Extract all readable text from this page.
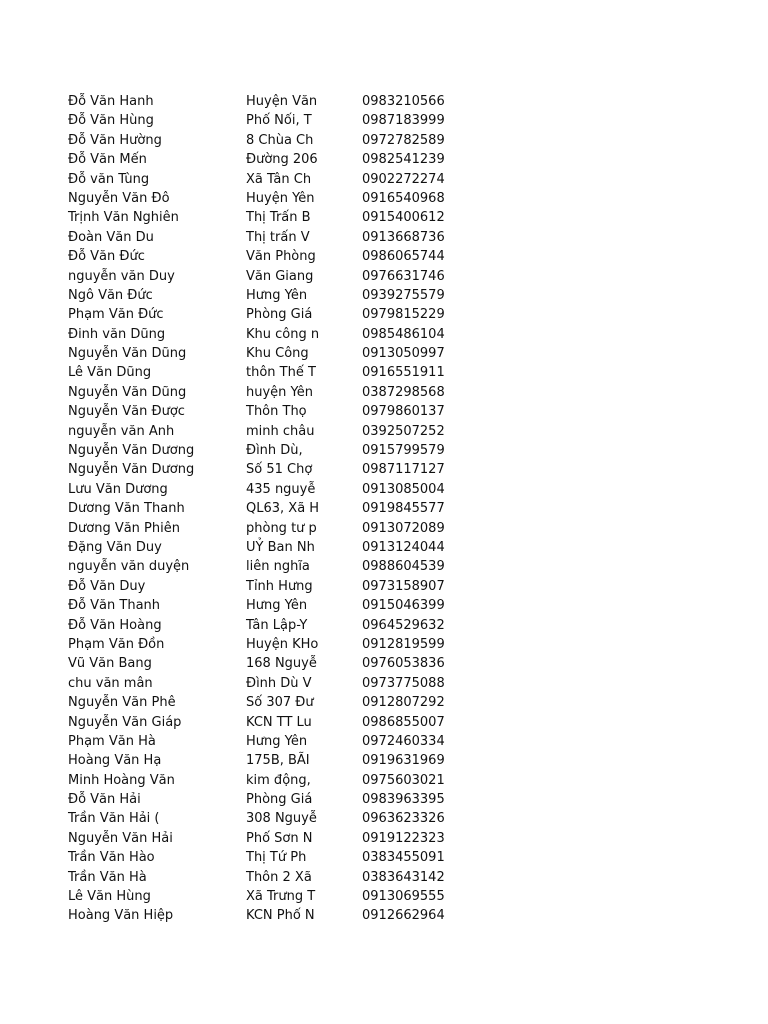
Đỗ Văn Hanh	Huyện Văn	0983210566
Đỗ Văn Hùng	Phố Nối, T	0987183999
Đỗ Văn Hường	8 Chùa Ch	0972782589
Đỗ Văn Mến	Đường 206	0982541239
Đỗ văn Tùng	Xã Tân Ch	0902272274
Nguyễn Văn Đô	Huyện Yên	0916540968
Trịnh Văn Nghiên	Thị Trấn B	0915400612
Đoàn Văn Du	Thị trấn V	0913668736
Đỗ Văn Đức	Văn Phòng	0986065744
nguyễn văn Duy	Văn Giang	0976631746
Ngô Văn Đức	Hưng Yên	0939275579
Phạm Văn Đức	Phòng Giá	0979815229
Đinh văn Dũng	Khu công n	0985486104
Nguyễn Văn Dũng	Khu Công	0913050997
Lê Văn Dũng	thôn Thế T	0916551911
Nguyễn Văn Dũng	huyện Yên	0387298568
Nguyễn Văn Được	Thôn Thọ	0979860137
nguyễn văn Anh	minh châu	0392507252
Nguyễn Văn Dương	Đình Dù,	0915799579
Nguyễn Văn Dương	Số 51 Chợ	0987117127
Lưu Văn Dương	435 nguyễ	0913085004
Dương Văn Thanh	QL63, Xã H	0919845577
Dương Văn Phiên	phòng tư p	0913072089
Đặng Văn Duy	UỶ Ban Nh	0913124044
nguyễn văn duyện	liên nghĩa	0988604539
Đỗ Văn Duy	Tỉnh Hưng	0973158907
Đỗ Văn Thanh	Hưng Yên	0915046399
Đỗ Văn Hoàng	Tân Lập-Y	0964529632
Phạm Văn Đồn	Huyện KHo	0912819599
Vũ Văn Bang	168 Nguyễ	0976053836
chu văn mân	Đình Dù V	0973775088
Nguyễn Văn Phê	Số 307 Đư	0912807292
Nguyễn Văn Giáp	KCN TT Lu	0986855007
Phạm Văn Hà	Hưng Yên	0972460334
Hoàng Văn Hạ	175B, BÃI	0919631969
Minh Hoàng Văn	kim động,	0975603021
Đỗ Văn Hải	Phòng Giá	0983963395
Trần Văn Hải (	308 Nguyễ	0963623326
Nguyễn Văn Hải	Phố Sơn N	0919122323
Trần Văn Hào	Thị Tứ Ph	0383455091
Trần Văn Hà	Thôn 2 Xã	0383643142
Lê Văn Hùng	Xã Trưng T	0913069555
Hoàng Văn Hiệp	KCN Phố N	0912662964
